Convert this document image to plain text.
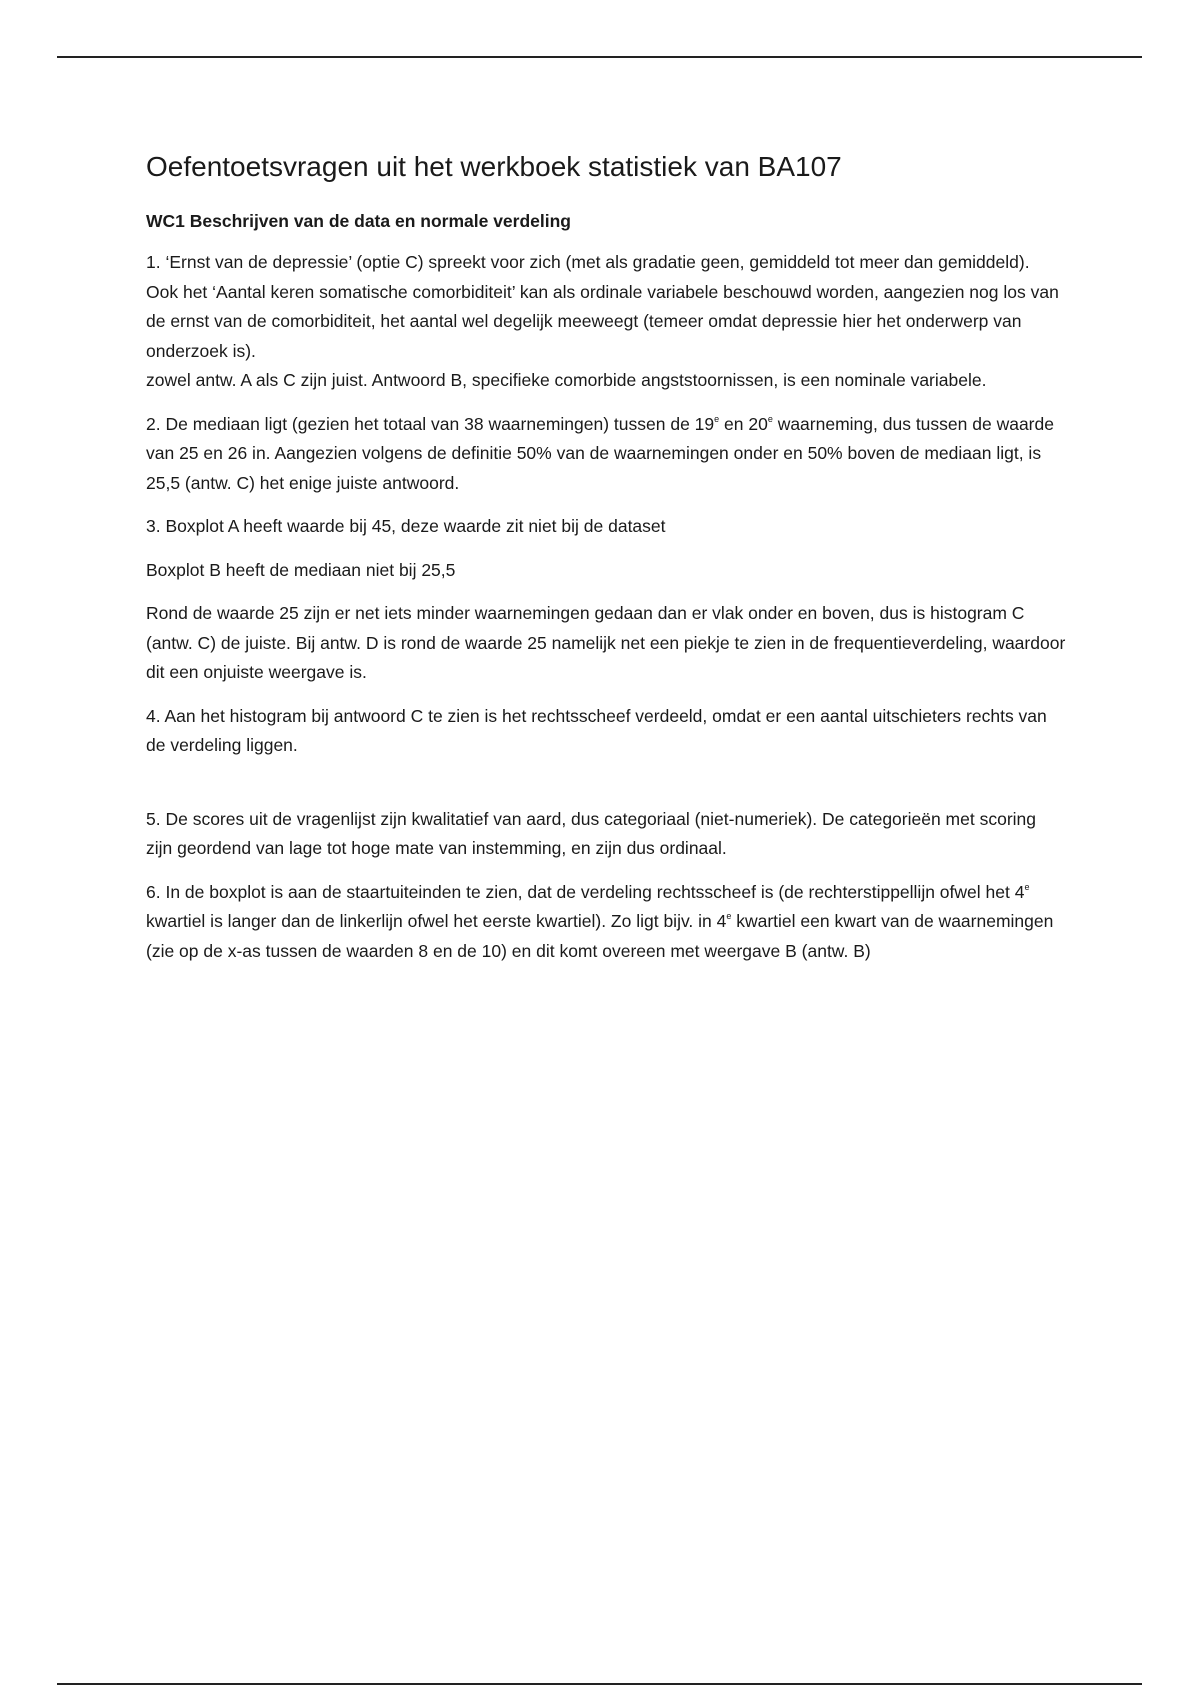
Oefentoetsvragen uit het werkboek statistiek van BA107
WC1 Beschrijven van de data en normale verdeling

1. ‘Ernst van de depressie’ (optie C) spreekt voor zich (met als gradatie geen, gemiddeld tot meer dan gemiddeld).
Ook het ‘Aantal keren somatische comorbiditeit’ kan als ordinale variabele beschouwd worden, aangezien nog los van de ernst van de comorbiditeit, het aantal wel degelijk meeweegt (temeer omdat depressie hier het onderwerp van onderzoek is).
zowel antw. A als C zijn juist. Antwoord B, specifieke comorbide angststoornissen, is een nominale variabele.

2. De mediaan ligt (gezien het totaal van 38 waarnemingen) tussen de 19e en 20e waarneming, dus tussen de waarde van 25 en 26 in. Aangezien volgens de definitie 50% van de waarnemingen onder en 50% boven de mediaan ligt, is 25,5 (antw. C) het enige juiste antwoord.

3. Boxplot A heeft waarde bij 45, deze waarde zit niet bij de dataset

Boxplot B heeft de mediaan niet bij 25,5

Rond de waarde 25 zijn er net iets minder waarnemingen gedaan dan er vlak onder en boven, dus is histogram C (antw. C) de juiste. Bij antw. D is rond de waarde 25 namelijk net een piekje te zien in de frequentieverdeling, waardoor dit een onjuiste weergave is.

4. Aan het histogram bij antwoord C te zien is het rechtsscheef verdeeld, omdat er een aantal uitschieters rechts van de verdeling liggen.

5. De scores uit de vragenlijst zijn kwalitatief van aard, dus categoriaal (niet-numeriek). De categorieën met scoring zijn geordend van lage tot hoge mate van instemming, en zijn dus ordinaal.

6. In de boxplot is aan de staartuiteinden te zien, dat de verdeling rechtsscheef is (de rechterstippellijn ofwel het 4e kwartiel is langer dan de linkerlijn ofwel het eerste kwartiel). Zo ligt bijv. in 4e kwartiel een kwart van de waarnemingen (zie op de x-as tussen de waarden 8 en de 10) en dit komt overeen met weergave B (antw. B)
